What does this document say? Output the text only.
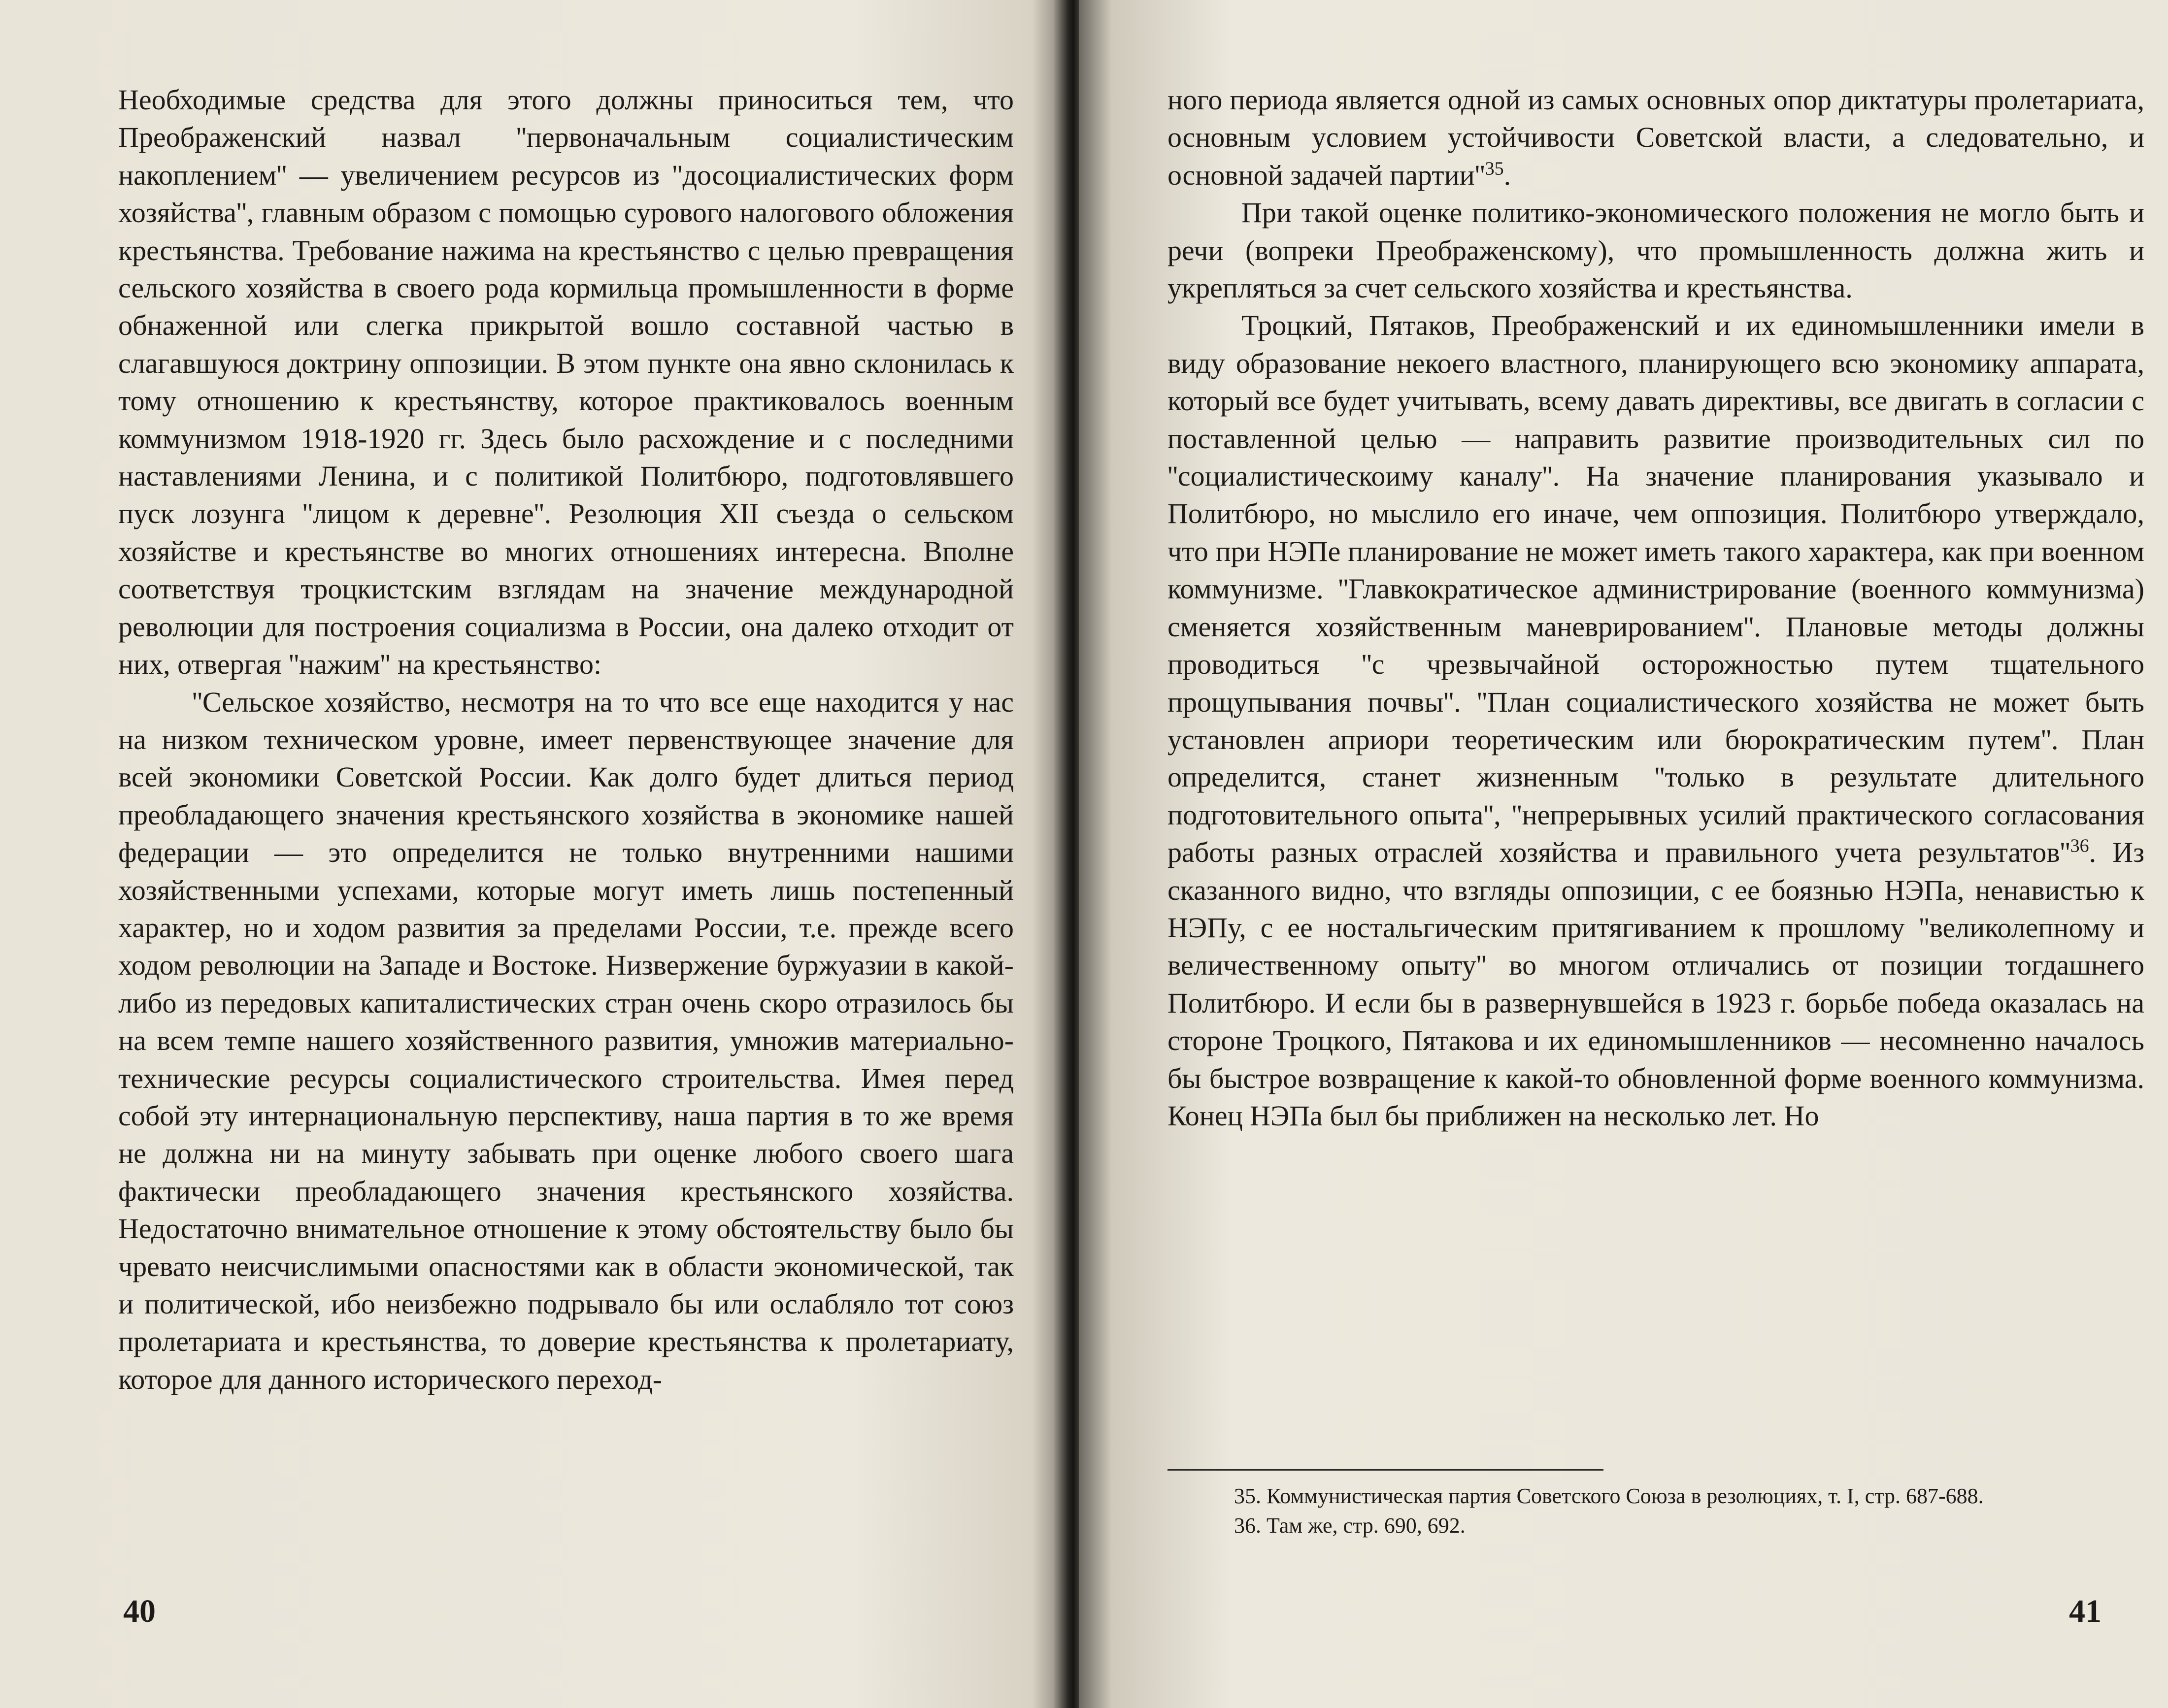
Необходимые средства для этого должны приноситься тем, что Преображенский назвал ''первоначальным социалистическим накоплением'' — увеличением ресурсов из ''досоциалистических форм хозяйства'', главным образом с помощью сурового налогового обложения крестьянства. Требование нажима на крестьянство с целью превращения сельского хозяйства в своего рода кормильца промышленности в форме обнаженной или слегка прикрытой вошло составной частью в слагавшуюся доктрину оппозиции. В этом пункте она явно склонилась к тому отношению к крестьянству, которое практиковалось военным коммунизмом 1918-1920 гг. Здесь было расхождение и с последними наставлениями Ленина, и с политикой Политбюро, подготовлявшего пуск лозунга ''лицом к деревне''. Резолюция XII съезда о сельском хозяйстве и крестьянстве во многих отношениях интересна. Вполне соответствуя троцкистским взглядам на значение международной революции для построения социализма в России, она далеко отходит от них, отвергая ''нажим'' на крестьянство:

''Сельское хозяйство, несмотря на то что все еще находится у нас на низком техническом уровне, имеет первенствующее значение для всей экономики Советской России. Как долго будет длиться период преобладающего значения крестьянского хозяйства в экономике нашей федерации — это определится не только внутренними нашими хозяйственными успехами, которые могут иметь лишь постепенный характер, но и ходом развития за пределами России, т.е. прежде всего ходом революции на Западе и Востоке. Низвержение буржуазии в какой-либо из передовых капиталистических стран очень скоро отразилось бы на всем темпе нашего хозяйственного развития, умножив материально-технические ресурсы социалистического строительства. Имея перед собой эту интернациональную перспективу, наша партия в то же время не должна ни на минуту забывать при оценке любого своего шага фактически преобладающего значения крестьянского хозяйства. Недостаточно внимательное отношение к этому обстоятельству было бы чревато неисчислимыми опасностями как в области экономической, так и политической, ибо неизбежно подрывало бы или ослабляло тот союз пролетариата и крестьянства, то доверие крестьянства к пролетариату, которое для данного исторического переход-

40

ного периода является одной из самых основных опор диктатуры пролетариата, основным условием устойчивости Советской власти, а следовательно, и основной задачей $партии''^{35}$.

При такой оценке политико-экономического положения не могло быть и речи (вопреки Преображенскому), что промышленность должна жить и укрепляться за счет сельского хозяйства и крестьянства.

Троцкий, Пятаков, Преображенский и их единомышленники имели в виду образование некоего властного, планирующего всю экономику аппарата, который все будет учитывать, всему давать директивы, все двигать в согласии с поставленной целью — направить развитие производительных сил по ''социалистическоиму каналу''. На значение планирования указывало и Политбюро, но мыслило его иначе, чем оппозиция. Политбюро утверждало, что при НЭПе планирование не может иметь такого характера, как при военном коммунизме. ''Главкократическое администрирование (военного коммунизма) сменяется хозяйственным маневрированием''. Плановые методы должны проводиться ''с чрезвычайной осторожностью путем тщательного прощупывания почвы''. ''План социалистического хозяйства не может быть установлен априори теоретическим или бюрократическим путем''. План определится, станет жизненным ''только в результате длительного подготовительного опыта'', ''непрерывных усилий практического согласования работы разных отраслей хозяйства и правильного учета $результатов''^{36}$. Из сказанного видно, что взгляды оппозиции, с ее боязнью НЭПа, ненавистью к НЭПу, с ее ностальгическим притягиванием к прошлому ''великолепному и величественному опыту'' во многом отличались от позиции тогдашнего Политбюро. И если бы в развернувшейся в 1923 г. борьбе победа оказалась на стороне Троцкого, Пятакова и их единомышленников — несомненно началось бы быстрое возвращение к какой-то обновленной форме военного коммунизма. Конец НЭПа был бы приближен на несколько лет. Но

35. Коммунистическая партия Советского Союза в резолюциях, т. I, стр. 687-688.

36. Там же, стр. 690, 692.

41
